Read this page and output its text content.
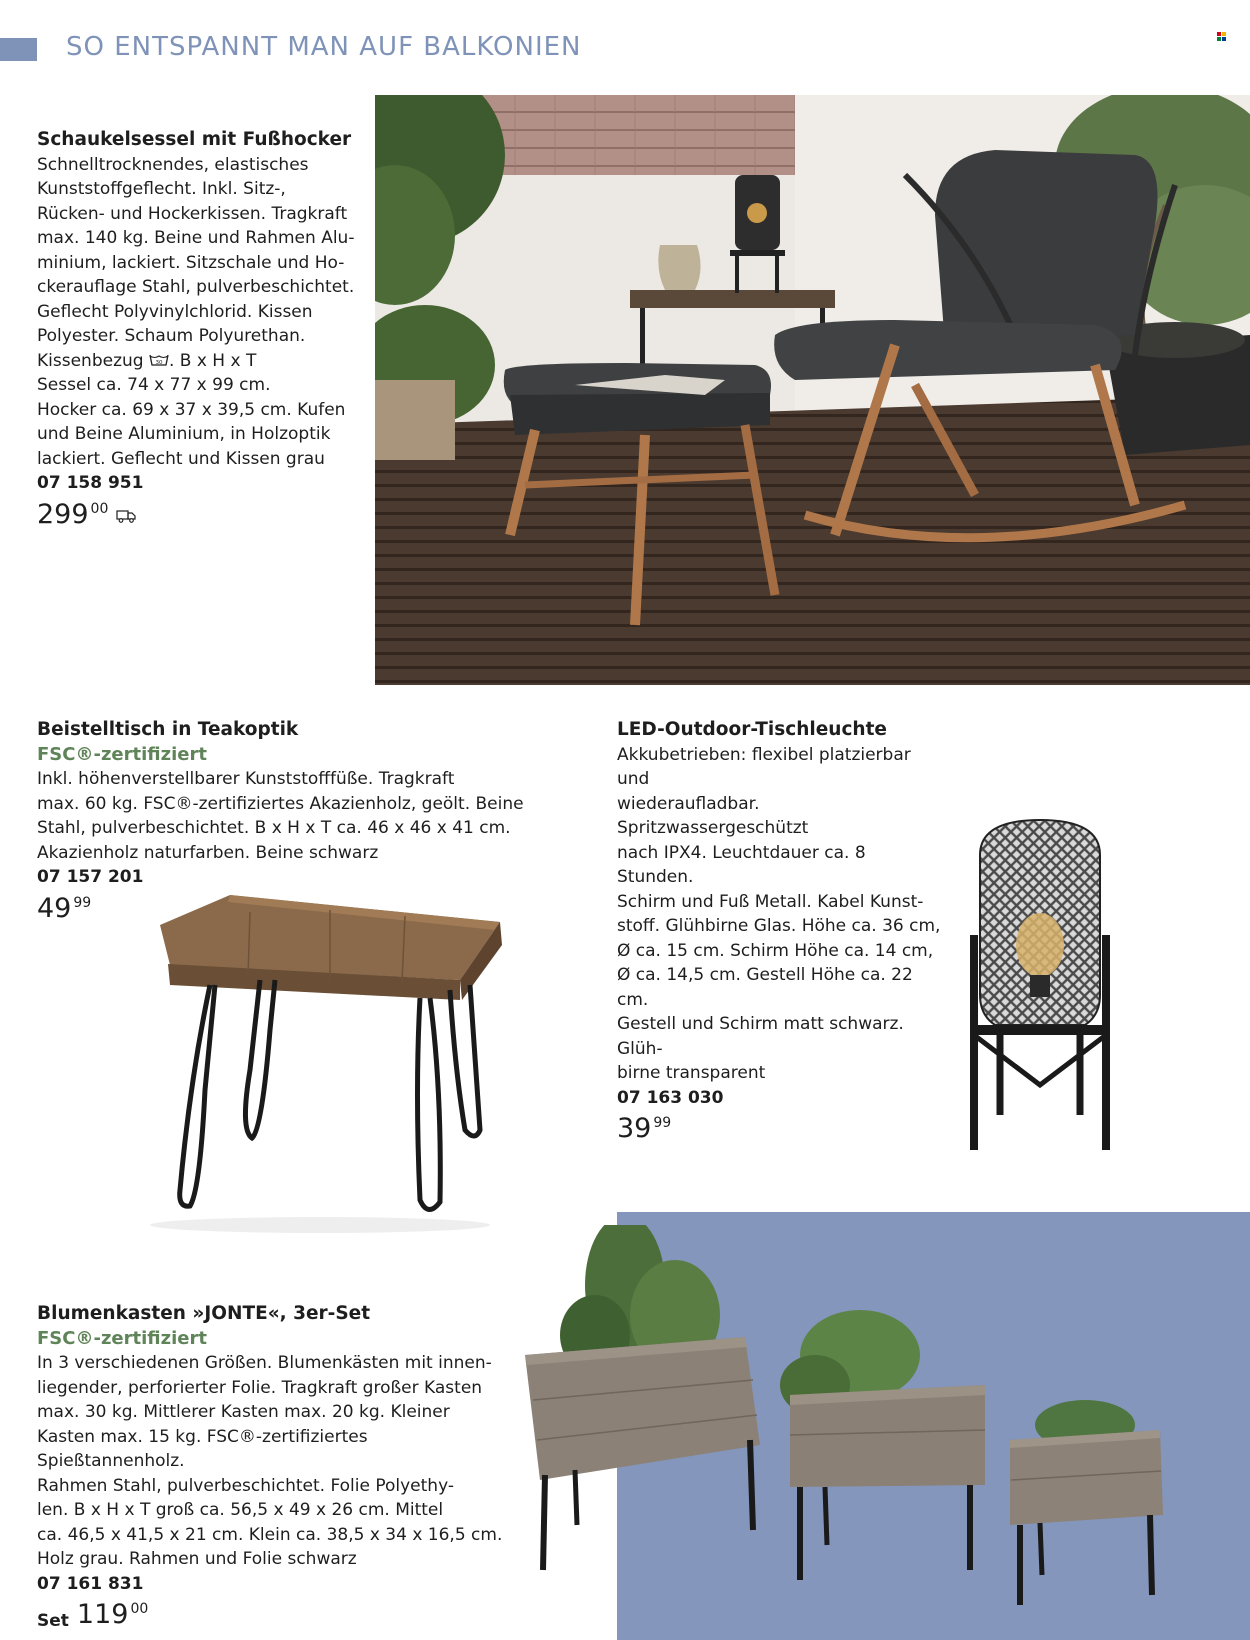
SO ENTSPANNT MAN AUF BALKONIEN
Schaukelsessel mit Fußhocker
Schnelltrocknendes, elastisches
Kunststoffgeflecht. Inkl. Sitz-,
Rücken- und Hockerkissen. Tragkraft
max. 140 kg. Beine und Rahmen Alu-
minium, lackiert. Sitzschale und Ho-
ckerauflage Stahl, pulverbeschichtet.
Geflecht Polyvinylchlorid. Kissen
Polyester. Schaum Polyurethan.
Kissenbezug 30 . B x H x T
Sessel ca. 74 x 77 x 99 cm.
Hocker ca. 69 x 37 x 39,5 cm. Kufen
und Beine Aluminium, in Holzoptik
lackiert. Geflecht und Kissen grau
07 158 951
299 00
Beistelltisch in Teakoptik
FSC®-zertifiziert
Inkl. höhenverstellbarer Kunststofffüße. Tragkraft
max. 60 kg. FSC®-zertifiziertes Akazienholz, geölt. Beine
Stahl, pulverbeschichtet. B x H x T ca. 46 x 46 x 41 cm.
Akazienholz naturfarben. Beine schwarz
07 157 201
49 99
LED-Outdoor-Tischleuchte
Akkubetrieben: flexibel platzierbar und
wiederaufladbar. Spritzwassergeschützt
nach IPX4. Leuchtdauer ca. 8 Stunden.
Schirm und Fuß Metall. Kabel Kunst-
stoff. Glühbirne Glas. Höhe ca. 36 cm,
Ø ca. 15 cm. Schirm Höhe ca. 14 cm,
Ø ca. 14,5 cm. Gestell Höhe ca. 22 cm.
Gestell und Schirm matt schwarz. Glüh-
birne transparent
07 163 030
39 99
Blumenkasten »JONTE«, 3er-Set
FSC®-zertifiziert
In 3 verschiedenen Größen. Blumenkästen mit innen-
liegender, perforierter Folie. Tragkraft großer Kasten
max. 30 kg. Mittlerer Kasten max. 20 kg. Kleiner
Kasten max. 15 kg. FSC®-zertifiziertes Spießtannenholz.
Rahmen Stahl, pulverbeschichtet. Folie Polyethy-
len. B x H x T groß ca. 56,5 x 49 x 26 cm. Mittel
ca. 46,5 x 41,5 x 21 cm. Klein ca. 38,5 x 34 x 16,5 cm.
Holz grau. Rahmen und Folie schwarz
07 161 831
Set 119 00
